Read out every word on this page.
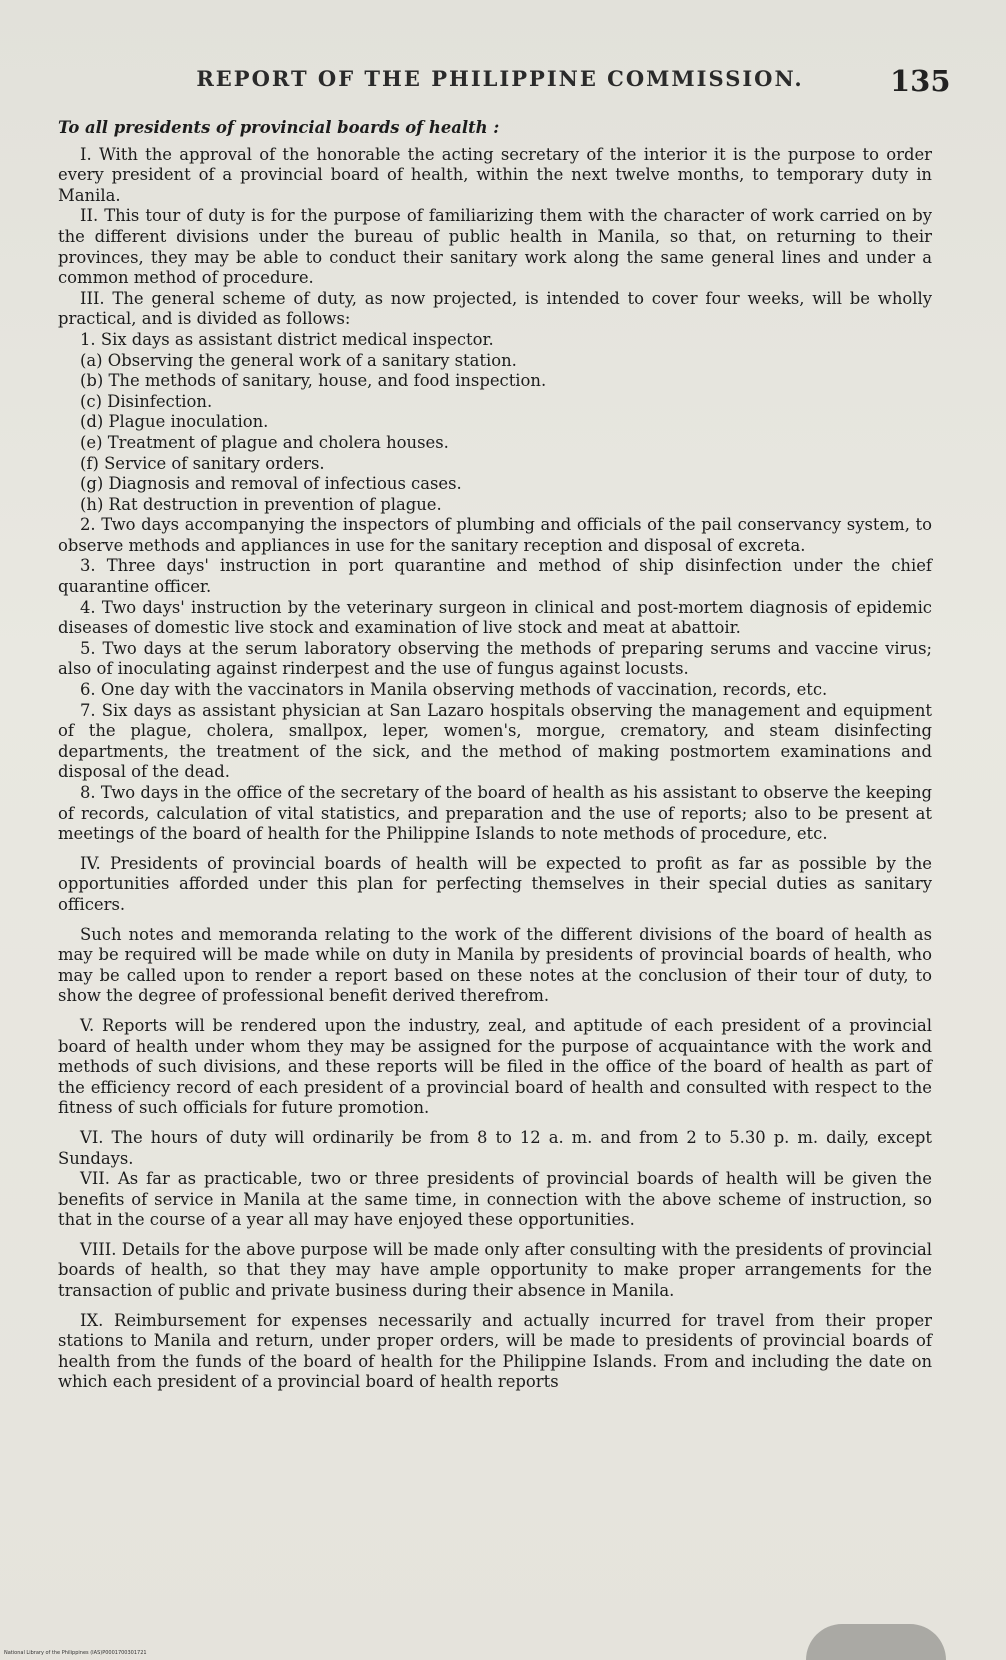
REPORT OF THE PHILIPPINE COMMISSION.	135

To all presidents of provincial boards of health :

I. With the approval of the honorable the acting secretary of the interior it is the purpose to order every president of a provincial board of health, within the next twelve months, to temporary duty in Manila.

II. This tour of duty is for the purpose of familiarizing them with the character of work carried on by the different divisions under the bureau of public health in Manila, so that, on returning to their provinces, they may be able to conduct their sanitary work along the same general lines and under a common method of procedure.

III. The general scheme of duty, as now projected, is intended to cover four weeks, will be wholly practical, and is divided as follows:

1. Six days as assistant district medical inspector.

(a) Observing the general work of a sanitary station.

(b) The methods of sanitary, house, and food inspection.

(c) Disinfection.

(d) Plague inoculation.

(e) Treatment of plague and cholera houses.

(f) Service of sanitary orders.

(g) Diagnosis and removal of infectious cases.

(h) Rat destruction in prevention of plague.

2. Two days accompanying the inspectors of plumbing and officials of the pail conservancy system, to observe methods and appliances in use for the sanitary reception and disposal of excreta.

3. Three days' instruction in port quarantine and method of ship disinfection under the chief quarantine officer.

4. Two days' instruction by the veterinary surgeon in clinical and post-mortem diagnosis of epidemic diseases of domestic live stock and examination of live stock and meat at abattoir.

5. Two days at the serum laboratory observing the methods of preparing serums and vaccine virus; also of inoculating against rinderpest and the use of fungus against locusts.

6. One day with the vaccinators in Manila observing methods of vaccination, records, etc.

7. Six days as assistant physician at San Lazaro hospitals observing the management and equipment of the plague, cholera, smallpox, leper, women's, morgue, crematory, and steam disinfecting departments, the treatment of the sick, and the method of making postmortem examinations and disposal of the dead.

8. Two days in the office of the secretary of the board of health as his assistant to observe the keeping of records, calculation of vital statistics, and preparation and the use of reports; also to be present at meetings of the board of health for the Philippine Islands to note methods of procedure, etc.

IV. Presidents of provincial boards of health will be expected to profit as far as possible by the opportunities afforded under this plan for perfecting themselves in their special duties as sanitary officers.

Such notes and memoranda relating to the work of the different divisions of the board of health as may be required will be made while on duty in Manila by presidents of provincial boards of health, who may be called upon to render a report based on these notes at the conclusion of their tour of duty, to show the degree of professional benefit derived therefrom.

V. Reports will be rendered upon the industry, zeal, and aptitude of each president of a provincial board of health under whom they may be assigned for the purpose of acquaintance with the work and methods of such divisions, and these reports will be filed in the office of the board of health as part of the efficiency record of each president of a provincial board of health and consulted with respect to the fitness of such officials for future promotion.

VI. The hours of duty will ordinarily be from 8 to 12 a. m. and from 2 to 5.30 p. m. daily, except Sundays.

VII. As far as practicable, two or three presidents of provincial boards of health will be given the benefits of service in Manila at the same time, in connection with the above scheme of instruction, so that in the course of a year all may have enjoyed these opportunities.

VIII. Details for the above purpose will be made only after consulting with the presidents of provincial boards of health, so that they may have ample opportunity to make proper arrangements for the transaction of public and private business during their absence in Manila.

IX. Reimbursement for expenses necessarily and actually incurred for travel from their proper stations to Manila and return, under proper orders, will be made to presidents of provincial boards of health from the funds of the board of health for the Philippine Islands. From and including the date on which each president of a provincial board of health reports

National Library of the Philippines (IAS)P0001700301721
